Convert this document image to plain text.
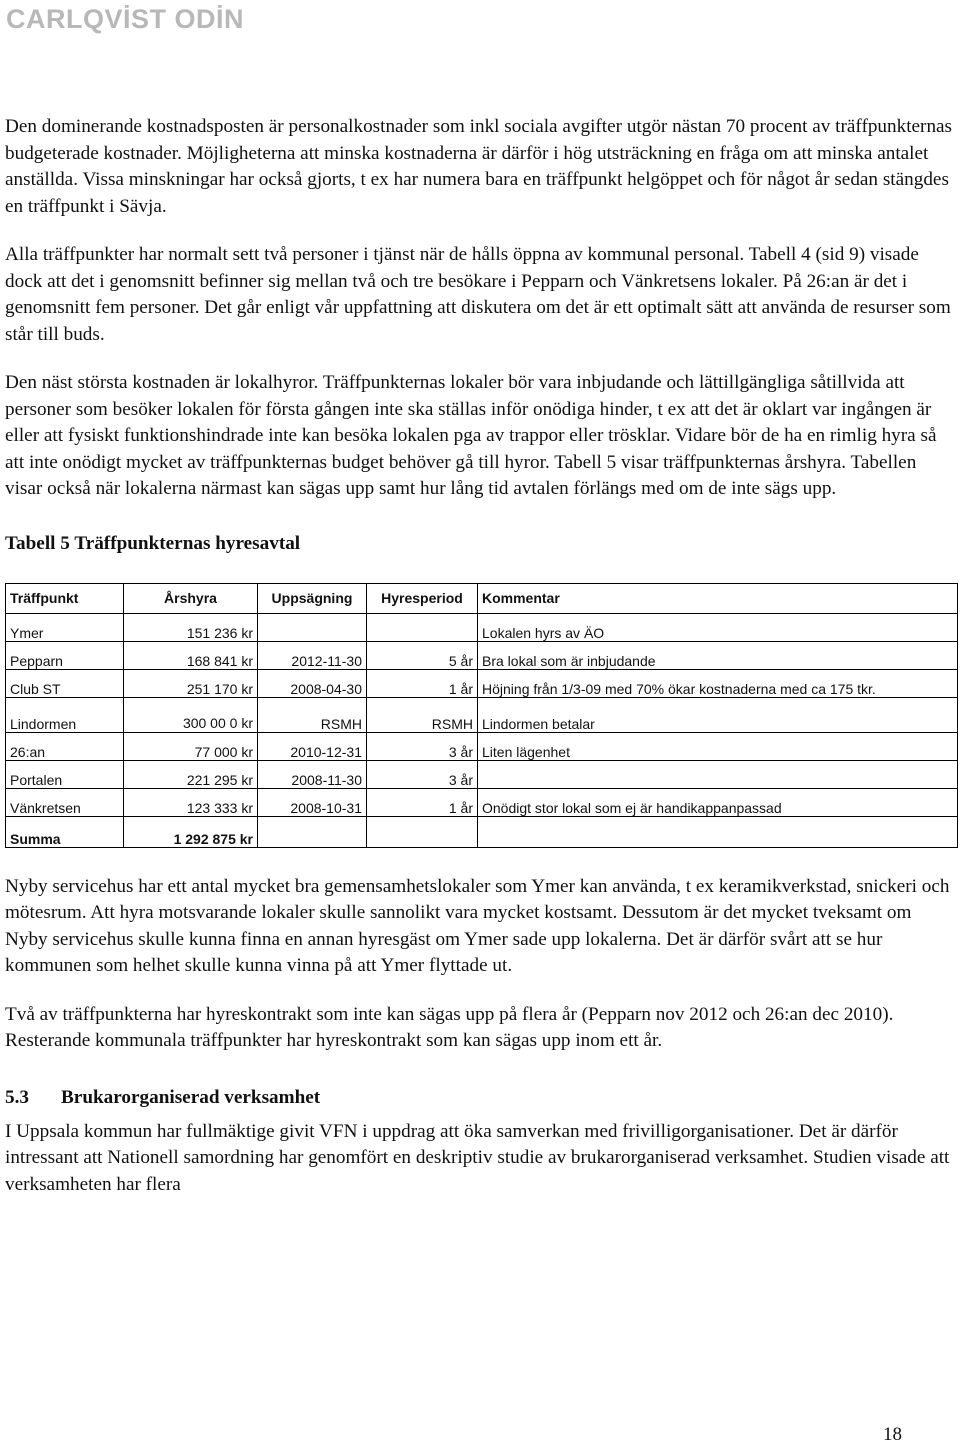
CARLQVİST ODİN

Den dominerande kostnadsposten är personalkostnader som inkl sociala avgifter utgör nästan 70 procent av träffpunkternas budgeterade kostnader. Möjligheterna att minska kostnaderna är därför i hög utsträckning en fråga om att minska antalet anställda. Vissa minskningar har också gjorts, t ex har numera bara en träffpunkt helgöppet och för något år sedan stängdes en träffpunkt i Sävja.

Alla träffpunkter har normalt sett två personer i tjänst när de hålls öppna av kommunal personal. Tabell 4 (sid 9) visade dock att det i genomsnitt befinner sig mellan två och tre besökare i Pepparn och Vänkretsens lokaler. På 26:an är det i genomsnitt fem personer. Det går enligt vår uppfattning att diskutera om det är ett optimalt sätt att använda de resurser som står till buds.

Den näst största kostnaden är lokalhyror. Träffpunkternas lokaler bör vara inbjudande och lättillgängliga såtillvida att personer som besöker lokalen för första gången inte ska ställas inför onödiga hinder, t ex att det är oklart var ingången är eller att fysiskt funktionshindrade inte kan besöka lokalen pga av trappor eller trösklar. Vidare bör de ha en rimlig hyra så att inte onödigt mycket av träffpunkternas budget behöver gå till hyror. Tabell 5 visar träffpunkternas årshyra. Tabellen visar också när lokalerna närmast kan sägas upp samt hur lång tid avtalen förlängs med om de inte sägs upp.

Tabell 5 Träffpunkternas hyresavtal
Träffpunkt	Årshyra	Uppsägning	Hyresperiod	Kommentar
Ymer	151 236 kr			Lokalen hyrs av ÄO
Pepparn	168 841 kr	2012-11-30	5 år	Bra lokal som är inbjudande
Club ST	251 170 kr	2008-04-30	1 år	Höjning från 1/3-09 med 70% ökar kostnaderna med ca 175 tkr.
Lindormen	300 00 0 kr	RSMH	RSMH	Lindormen betalar
26:an	77 000 kr	2010-12-31	3 år	Liten lägenhet
Portalen	221 295 kr	2008-11-30	3 år	
Vänkretsen	123 333 kr	2008-10-31	1 år	Onödigt stor lokal som ej är handikappanpassad
Summa	1 292 875 kr			

Nyby servicehus har ett antal mycket bra gemensamhetslokaler som Ymer kan använda, t ex keramikverkstad, snickeri och mötesrum. Att hyra motsvarande lokaler skulle sannolikt vara mycket kostsamt. Dessutom är det mycket tveksamt om Nyby servicehus skulle kunna finna en annan hyresgäst om Ymer sade upp lokalerna. Det är därför svårt att se hur kommunen som helhet skulle kunna vinna på att Ymer flyttade ut.

Två av träffpunkterna har hyreskontrakt som inte kan sägas upp på flera år (Pepparn nov 2012 och 26:an dec 2010). Resterande kommunala träffpunkter har hyreskontrakt som kan sägas upp inom ett år.

5.3 Brukarorganiserad verksamhet

I Uppsala kommun har fullmäktige givit VFN i uppdrag att öka samverkan med frivilligorganisationer. Det är därför intressant att Nationell samordning har genomfört en deskriptiv studie av brukarorganiserad verksamhet. Studien visade att verksamheten har flera

18
